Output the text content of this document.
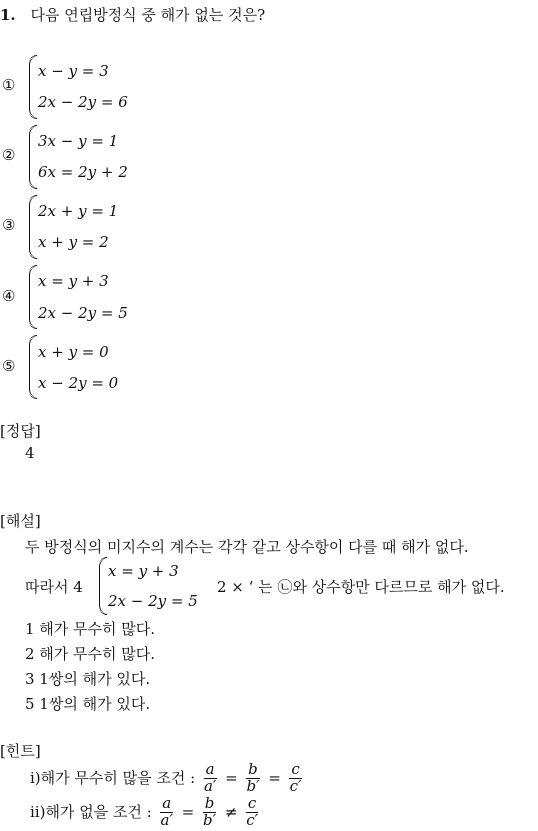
1. 다음 연립방정식 중 해가 없는 것은?
①
x − y = 3
2x − 2y = 6
②
3x − y = 1
6x = 2y + 2
③
2x + y = 1
x + y = 2
④
x = y + 3
2x − 2y = 5
⑤
x + y = 0
x − 2y = 0
[정답]
4
[해설]
두 방정식의 미지수의 계수는 각각 같고 상수항이 다를 때 해가 없다.
따라서 4
x = y + 3
2x − 2y = 5
2 × ‘ 는 ㉡와 상수항만 다르므로 해가 없다.
1 해가 무수히 많다.
2 해가 무수히 많다.
3 1쌍의 해가 있다.
5 1쌍의 해가 있다.
[힌트]
ⅰ)해가 무수히 많을 조건 : $\frac{a}{a'} = \frac{b}{b'} = \frac{c}{c'}$
ⅱ)해가 없을 조건 : $\frac{a}{a'} = \frac{b}{b'} \ne \frac{c}{c'}$
